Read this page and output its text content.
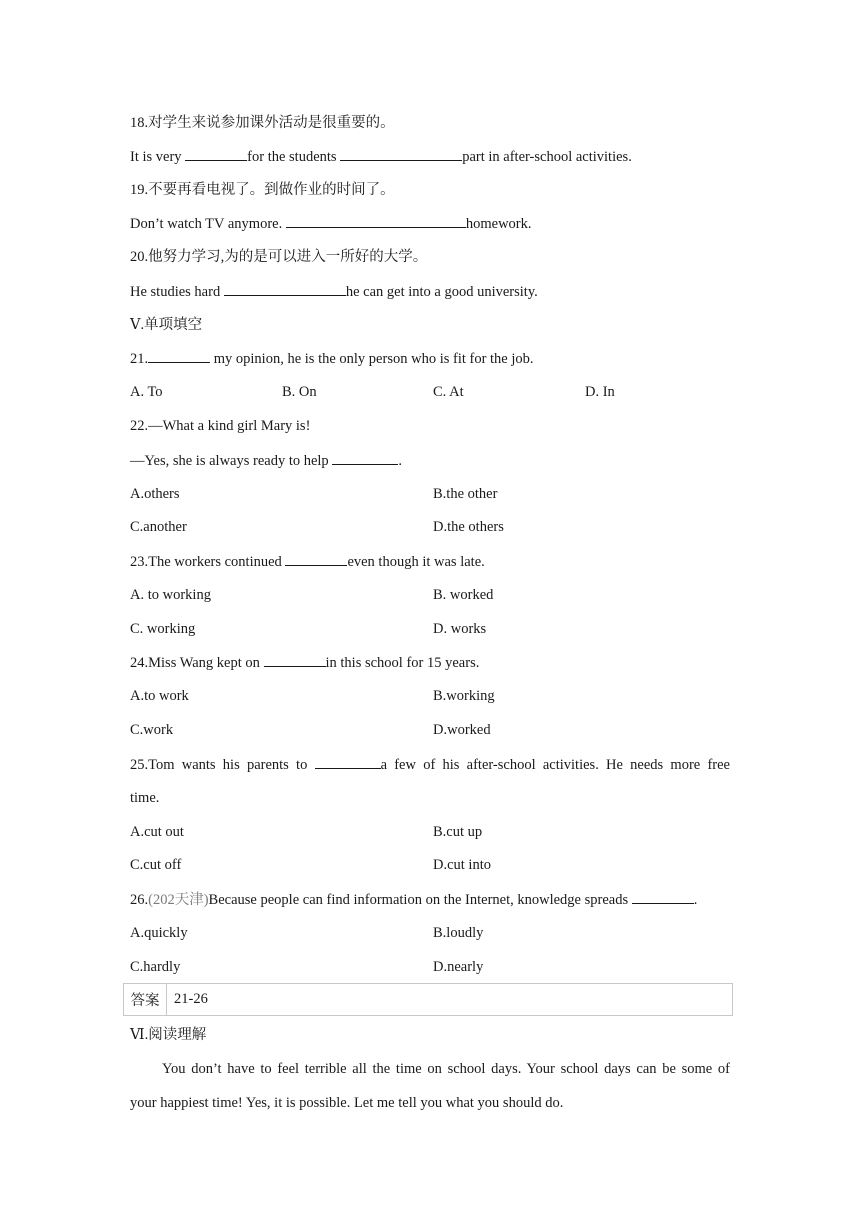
18.对学生来说参加课外活动是很重要的。
It is very	for the students	part in after-school activities.
19.不要再看电视了。到做作业的时间了。
Don’t watch TV anymore.	homework.
20.他努力学习,为的是可以进入一所好的大学。
He studies hard	he can get into a good university.
Ⅴ.单项填空
21.	my opinion, he is the only person who is fit for the job.
A. To	B. On	C. At	D. In
22.—What a kind girl Mary is!
—Yes, she is always ready to help	.
A.others	B.the other
C.another	D.the others
23.The workers continued	even though it was late.
A. to working	B. worked
C. working	D. works
24.Miss Wang kept on	in this school for 15 years.
A.to work	B.working
C.work	D.worked
25.Tom wants his parents to	a few of his after-school activities. He needs more free
time.
A.cut out	B.cut up
C.cut off	D.cut into
26.(202天津)Because people can find information on the Internet, knowledge spreads	.
A.quickly	B.loudly
C.hardly	D.nearly
答案	21-26
Ⅵ.阅读理解
You don’t have to feel terrible all the time on school days. Your school days can be some of
your happiest time! Yes, it is possible. Let me tell you what you should do.
